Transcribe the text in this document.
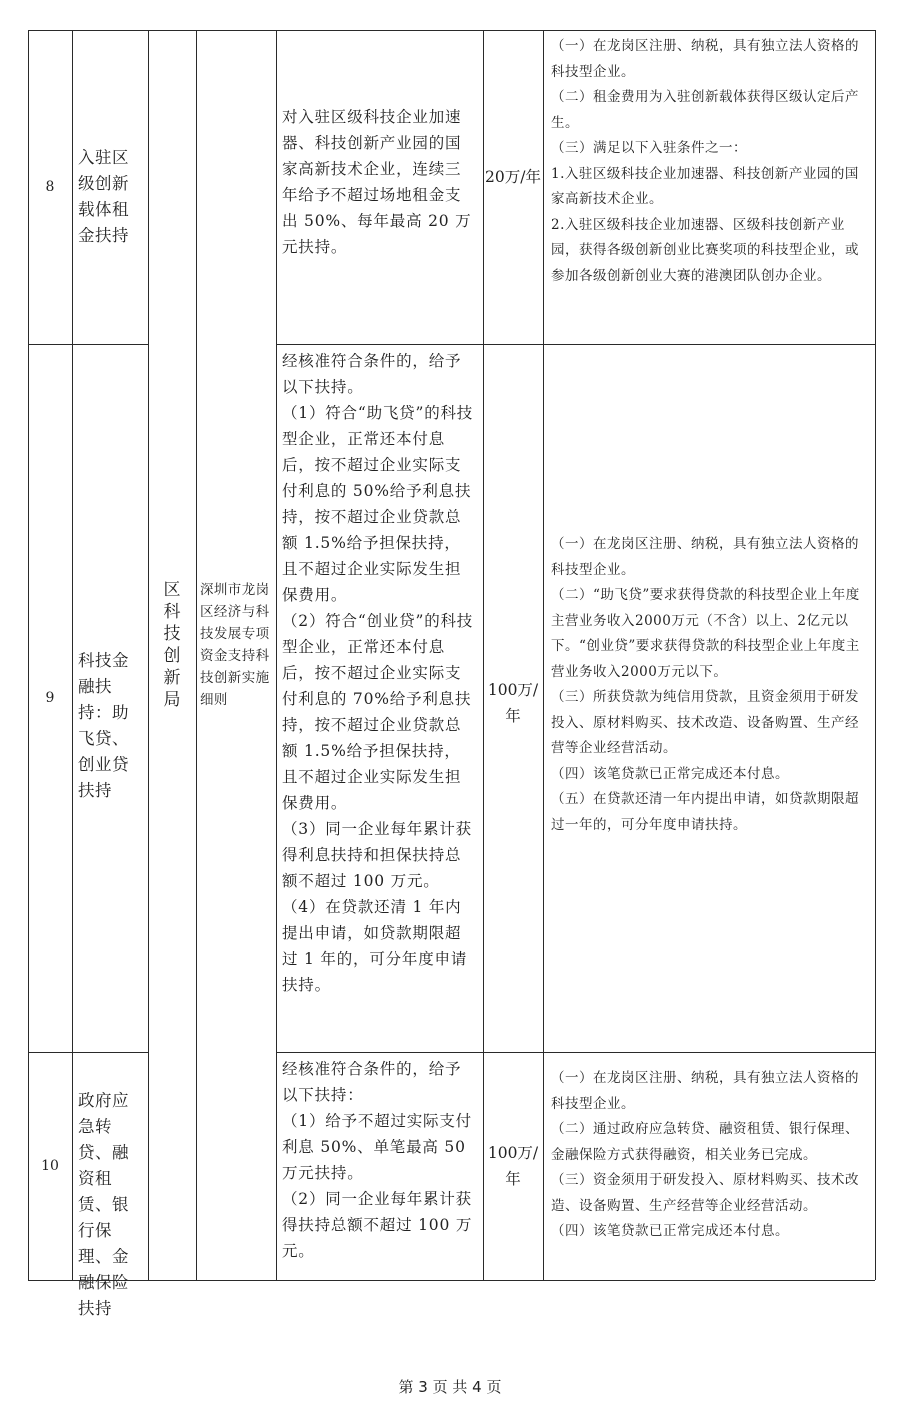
区科技创新局
深圳市龙岗区经济与科技发展专项资金支持科技创新实施细则
8
入驻区级创新载体租金扶持

对入驻区级科技企业加速器、科技创新产业园的国家高新技术企业，连续三年给予不超过场地租金支出 50%、每年最高 20 万元扶持。

20万/年

（一）在龙岗区注册、纳税，具有独立法人资格的科技型企业。

（二）租金费用为入驻创新载体获得区级认定后产生。

（三）满足以下入驻条件之一：

1.入驻区级科技企业加速器、科技创新产业园的国家高新技术企业。

2.入驻区级科技企业加速器、区级科技创新产业园，获得各级创新创业比赛奖项的科技型企业，或参加各级创新创业大赛的港澳团队创办企业。

9
科技金融扶持：助飞贷、创业贷扶持

经核准符合条件的，给予以下扶持。

（1）符合“助飞贷”的科技型企业，正常还本付息后，按不超过企业实际支付利息的 50%给予利息扶持，按不超过企业贷款总额 1.5%给予担保扶持，且不超过企业实际发生担保费用。

（2）符合“创业贷”的科技型企业，正常还本付息后，按不超过企业实际支付利息的 70%给予利息扶持，按不超过企业贷款总额 1.5%给予担保扶持，且不超过企业实际发生担保费用。

（3）同一企业每年累计获得利息扶持和担保扶持总额不超过 100 万元。

（4）在贷款还清 1 年内提出申请，如贷款期限超过 1 年的，可分年度申请扶持。

100万/年

（一）在龙岗区注册、纳税，具有独立法人资格的科技型企业。

（二）“助飞贷”要求获得贷款的科技型企业上年度主营业务收入2000万元（不含）以上、2亿元以下。“创业贷”要求获得贷款的科技型企业上年度主营业务收入2000万元以下。

（三）所获贷款为纯信用贷款，且资金须用于研发投入、原材料购买、技术改造、设备购置、生产经营等企业经营活动。

（四）该笔贷款已正常完成还本付息。

（五）在贷款还清一年内提出申请，如贷款期限超过一年的，可分年度申请扶持。

10
政府应急转贷、融资租赁、银行保理、金融保险扶持

经核准符合条件的，给予以下扶持：

（1）给予不超过实际支付利息 50%、单笔最高 50 万元扶持。

（2）同一企业每年累计获得扶持总额不超过 100 万元。

100万/年

（一）在龙岗区注册、纳税，具有独立法人资格的科技型企业。

（二）通过政府应急转贷、融资租赁、银行保理、金融保险方式获得融资，相关业务已完成。

（三）资金须用于研发投入、原材料购买、技术改造、设备购置、生产经营等企业经营活动。

（四）该笔贷款已正常完成还本付息。

第 3 页 共 4 页
